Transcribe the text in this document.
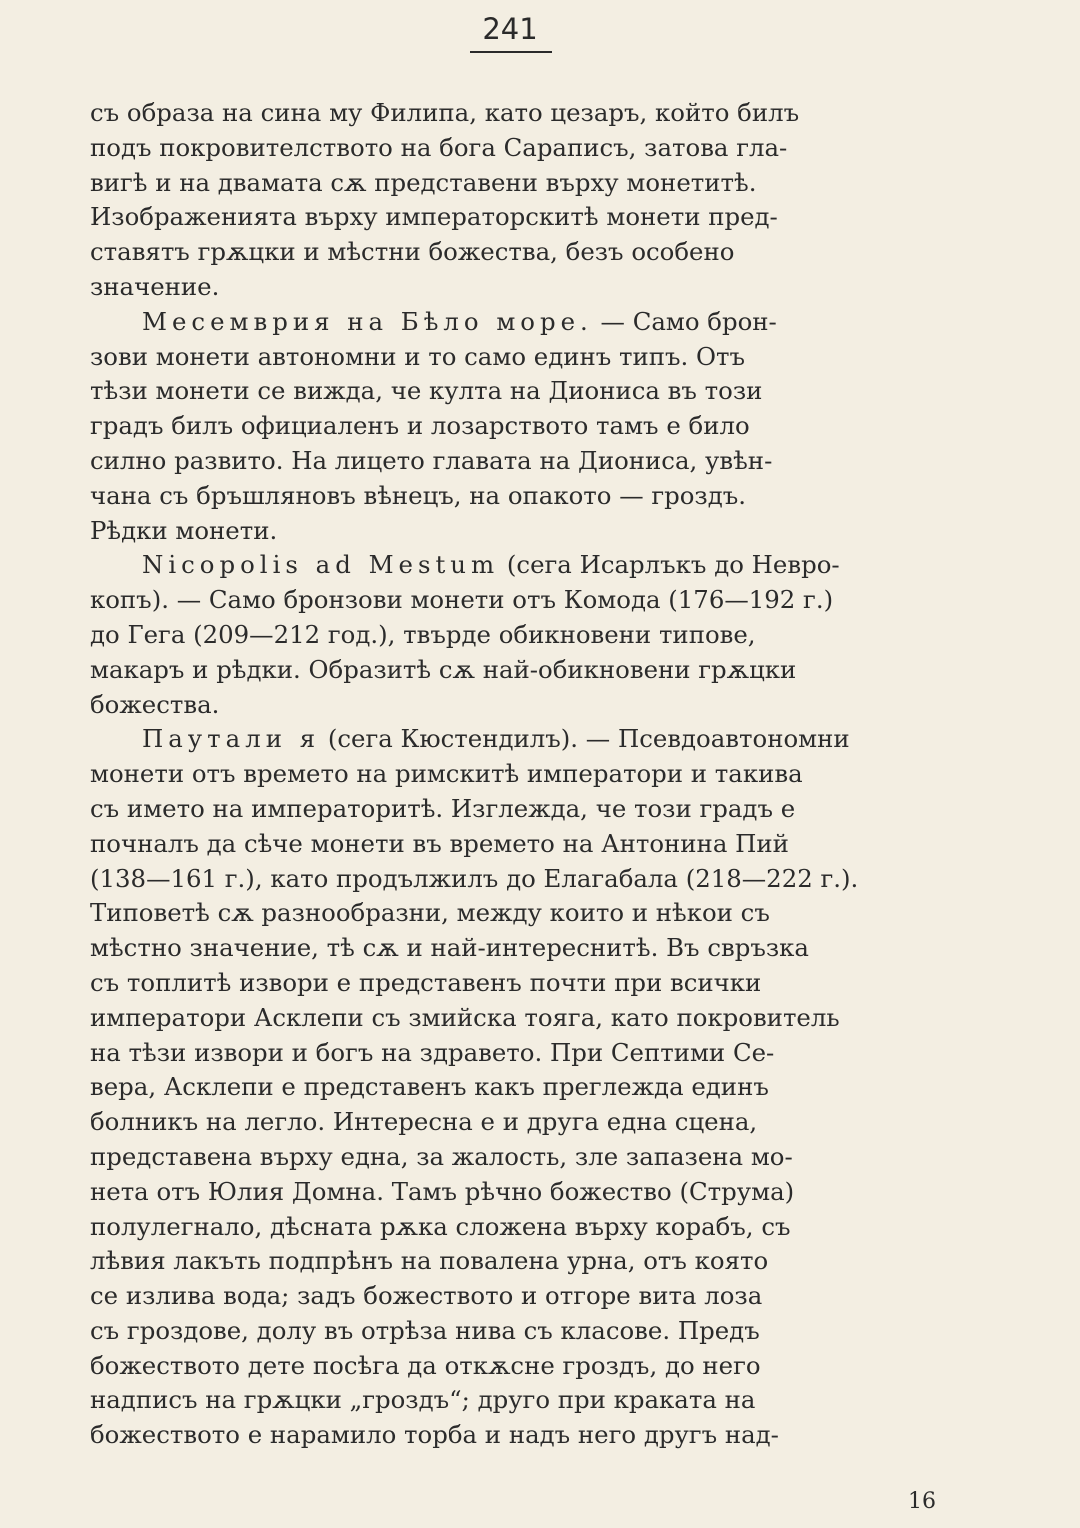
241
съ образа на сина му Филипа, като цезаръ, който билъ
подъ покровителството на бога Сараписъ, затова гла-
вигѣ и на двамата сѫ представени върху монетитѣ.
Изображенията върху императорскитѣ монети пред-
ставятъ грѫцки и мѣстни божества, безъ особено
значение.
Месемврия на Бѣло море. — Само брон-
зови монети автономни и то само единъ типъ. Отъ
тѣзи монети се вижда, че култа на Диониса въ този
градъ билъ официаленъ и лозарството тамъ е било
силно развито. На лицето главата на Диониса, увѣн-
чана съ бръшляновъ вѣнецъ, на опакото — гроздъ.
Рѣдки монети.
Nicopolis ad Mestum (сега Исарлъкъ до Невро-
копъ). — Само бронзови монети отъ Комода (176—192 г.)
до Гега (209—212 год.), твърде обикновени типове,
макаръ и рѣдки. Образитѣ сѫ най-обикновени грѫцки
божества.
Паутали я (сега Кюстендилъ). — Псевдоавтономни
монети отъ времето на римскитѣ императори и такива
съ името на императоритѣ. Изглежда, че този градъ е
почналъ да сѣче монети въ времето на Антонина Пий
(138—161 г.), като продължилъ до Елагабала (218—222 г.).
Типоветѣ сѫ разнообразни, между които и нѣкои съ
мѣстно значение, тѣ сѫ и най-интереснитѣ. Въ свръзка
съ топлитѣ извори е представенъ почти при всички
императори Асклепи съ змийска тояга, като покровитель
на тѣзи извори и богъ на здравето. При Септими Се-
вера, Асклепи е представенъ какъ преглежда единъ
болникъ на легло. Интересна е и друга една сцена,
представена върху една, за жалость, зле запазена мо-
нета отъ Юлия Домна. Тамъ рѣчно божество (Струма)
полулегнало, дѣсната рѫка сложена върху корабъ, съ
лѣвия лакъть подпрѣнъ на повалена урна, отъ която
се излива вода; задъ божеството и отгоре вита лоза
съ гроздове, долу въ отрѣза нива съ класове. Предъ
божеството дете посѣга да откѫсне гроздъ, до него
надписъ на грѫцки „гроздъ“; друго при краката на
божеството е нарамило торба и надъ него другъ над-
16
